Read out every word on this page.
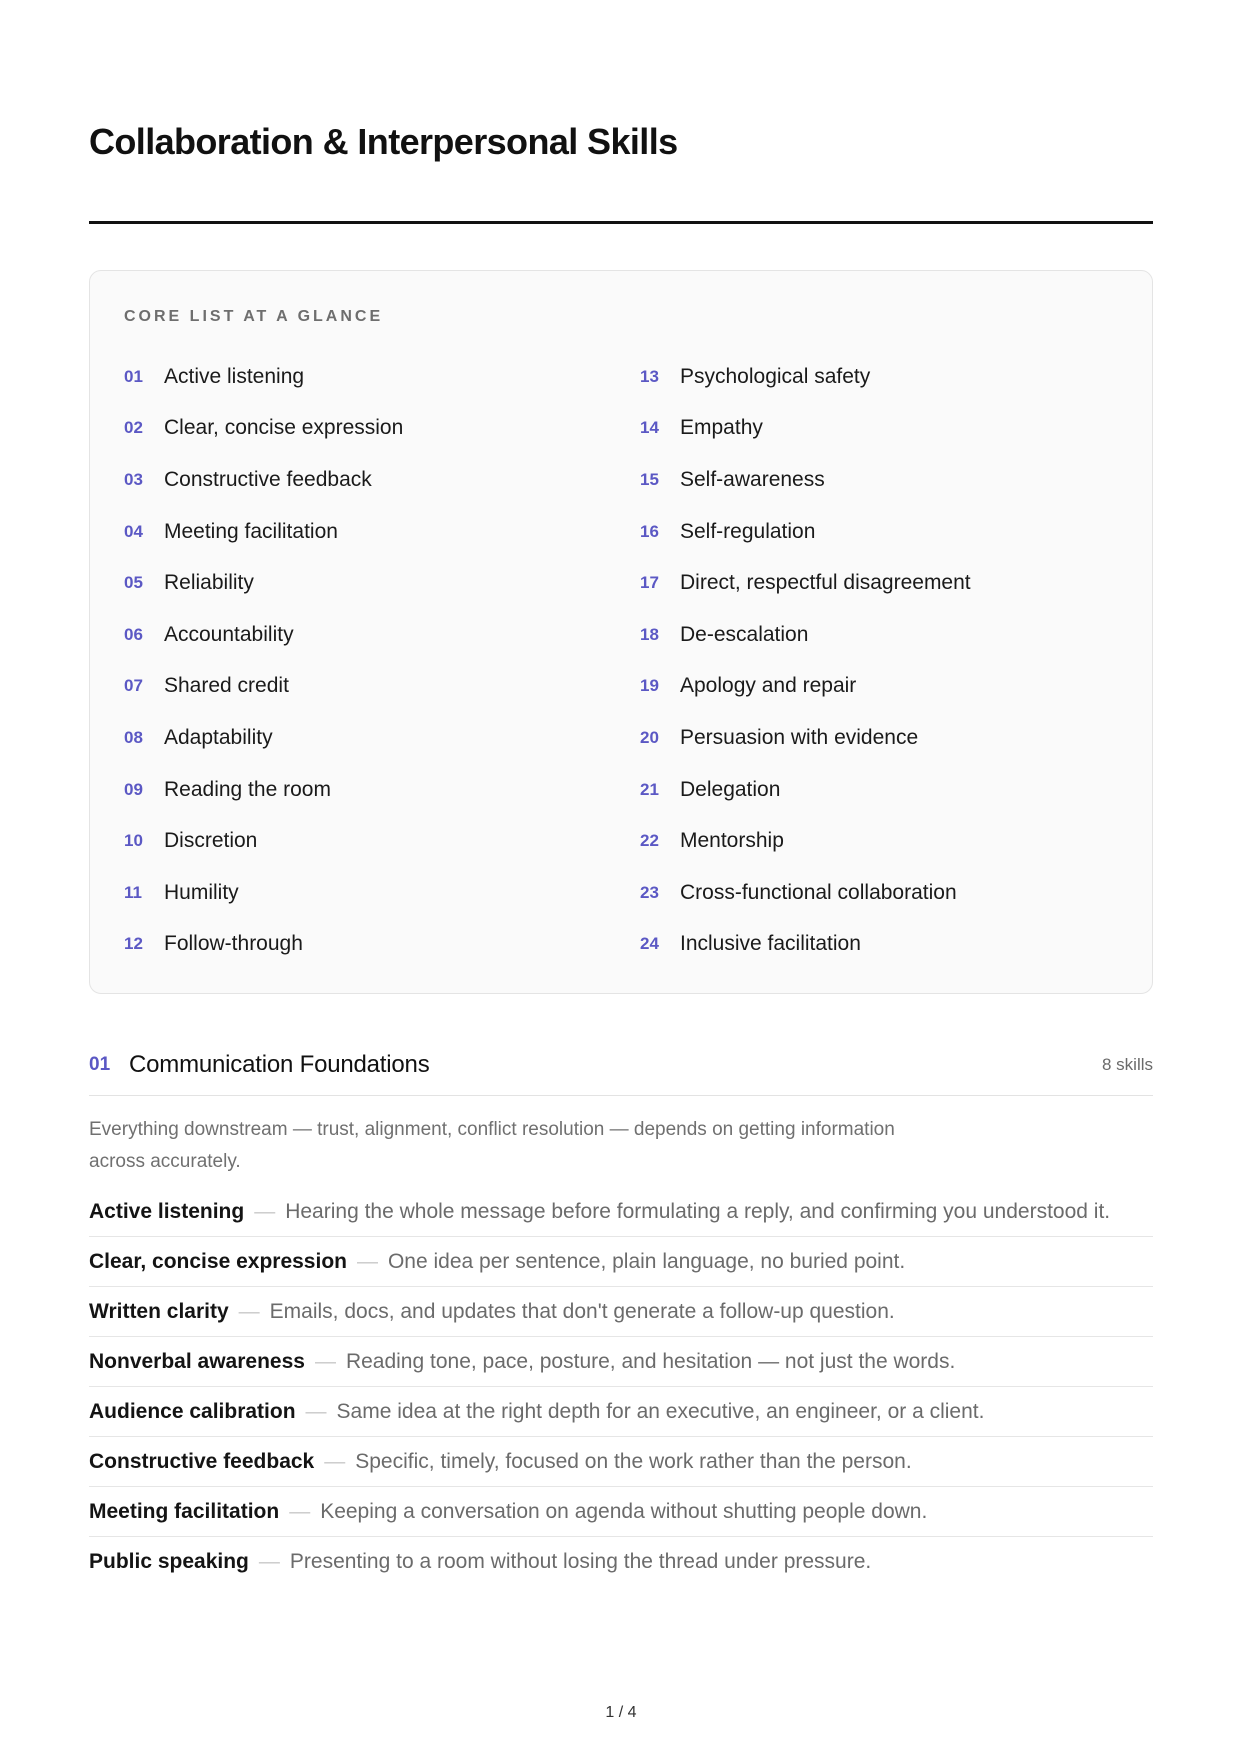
Collaboration & Interpersonal Skills
CORE LIST AT A GLANCE
01	Active listening
02	Clear, concise expression
03	Constructive feedback
04	Meeting facilitation
05	Reliability
06	Accountability
07	Shared credit
08	Adaptability
09	Reading the room
10	Discretion
11	Humility
12	Follow-through
13	Psychological safety
14	Empathy
15	Self-awareness
16	Self-regulation
17	Direct, respectful disagreement
18	De-escalation
19	Apology and repair
20	Persuasion with evidence
21	Delegation
22	Mentorship
23	Cross-functional collaboration
24	Inclusive facilitation
01 Communication Foundations	8 skills

Everything downstream — trust, alignment, conflict resolution — depends on getting information across accurately.

Active listening — Hearing the whole message before formulating a reply, and confirming you understood it.
Clear, concise expression — One idea per sentence, plain language, no buried point.
Written clarity — Emails, docs, and updates that don't generate a follow-up question.
Nonverbal awareness — Reading tone, pace, posture, and hesitation — not just the words.
Audience calibration — Same idea at the right depth for an executive, an engineer, or a client.
Constructive feedback — Specific, timely, focused on the work rather than the person.
Meeting facilitation — Keeping a conversation on agenda without shutting people down.
Public speaking — Presenting to a room without losing the thread under pressure.
1 / 4
